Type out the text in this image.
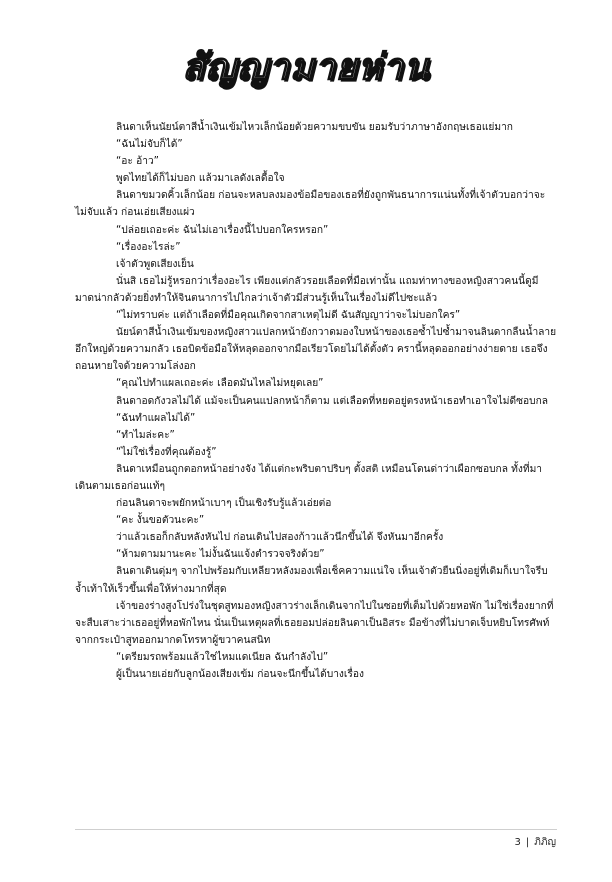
สัญญามายห่าน

ลินดาเห็นนัยน์ตาสีน้ำเงินเข้มไหวเล็กน้อยด้วยความขบขัน ยอมรับว่าภาษาอังกฤษเธอแย่มาก

“ฉันไม่จับก็ได้”

“อะ อ้าว”

พูดไทยได้ก็ไม่บอก แล้วมาเลดังเลดื้อใจ

ลินดาขมวดคิ้วเล็กน้อย ก่อนจะหลบลงมองข้อมือของเธอที่ยังถูกพันธนาการแน่นทั้งที่เจ้าตัวบอกว่าจะไม่จับแล้ว ก่อนเอ่ยเสียงแผ่ว

“ปล่อยเถอะค่ะ ฉันไม่เอาเรื่องนี้ไปบอกใครหรอก”

“เรื่องอะไรล่ะ”

เจ้าตัวพูดเสียงเย็น

นั่นสิ เธอไม่รู้หรอกว่าเรื่องอะไร เพียงแต่กลัวรอยเลือดที่มือเท่านั้น แถมท่าทางของหญิงสาวคนนี้ดูมีมาดน่ากลัวด้วยยิ่งทำให้จินตนาการไปไกลว่าเจ้าตัวมีส่วนรู้เห็นในเรื่องไม่ดีไปซะแล้ว

“ไม่ทราบค่ะ แต่ถ้าเลือดที่มือคุณเกิดจากสาเหตุไม่ดี ฉันสัญญาว่าจะไม่บอกใคร”

นัยน์ตาสีน้ำเงินเข้มของหญิงสาวแปลกหน้ายังกวาดมองใบหน้าของเธอซ้ำไปซ้ำมาจนลินดากลืนน้ำลายอึกใหญ่ด้วยความกลัว เธอบิดข้อมือให้หลุดออกจากมือเรียวโดยไม่ได้ตั้งตัว ครานี้หลุดออกอย่างง่ายดาย เธอจึงถอนหายใจด้วยความโล่งอก

“คุณไปทำแผลเถอะค่ะ เลือดมันไหลไม่หยุดเลย”

ลินดาอดกังวลไม่ได้ แม้จะเป็นคนแปลกหน้าก็ตาม แต่เลือดที่หยดอยู่ตรงหน้าเธอทำเอาใจไม่ดีซอบกล

“ฉันทำแผลไม่ได้”

“ทำไมล่ะคะ”

“ไม่ใช่เรื่องที่คุณต้องรู้”

ลินดาเหมือนถูกตอกหน้าอย่างจัง ได้แต่กะพริบตาปริบๆ ตั้งสติ เหมือนโดนด่าว่าเผือกซอบกล ทั้งที่มาเดินตามเธอก่อนแท้ๆ

ก่อนลินดาจะพยักหน้าเบาๆ เป็นเชิงรับรู้แล้วเอ่ยต่อ

“คะ งั้นขอตัวนะคะ”

ว่าแล้วเธอก็กลับหลังหันไป ก่อนเดินไปสองก้าวแล้วนึกขึ้นได้ จึงหันมาอีกครั้ง

“ห้ามตามมานะคะ ไม่งั้นฉันแจ้งตำรวจจริงด้วย”

ลินดาเดินดุ่มๆ จากไปพร้อมกับเหลียวหลังมองเพื่อเช็คความแน่ใจ เห็นเจ้าตัวยืนนิ่งอยู่ที่เดิมก็เบาใจรีบจ้ำเท้าให้เร็วขึ้นเพื่อให้ห่างมากที่สุด

เจ้าของร่างสูงโปร่งในชุดสูทมองหญิงสาวร่างเล็กเดินจากไปในซอยที่เต็มไปด้วยหอพัก ไม่ใช่เรื่องยากที่จะสืบเสาะว่าเธออยู่ที่หอพักไหน นั่นเป็นเหตุผลที่เธอยอมปล่อยลินดาเป็นอิสระ มือข้างที่ไม่บาดเจ็บหยิบโทรศัพท์จากกระเป๋าสูทออกมากดโทรหาผู้ขวาคนสนิท

“เตรียมรถพร้อมแล้วใช่ไหมแดเนียล ฉันกำลังไป”

ผู้เป็นนายเอ่ยกับลูกน้องเสียงเข้ม ก่อนจะนึกขึ้นได้บางเรื่อง

3 | ภิภิญ
